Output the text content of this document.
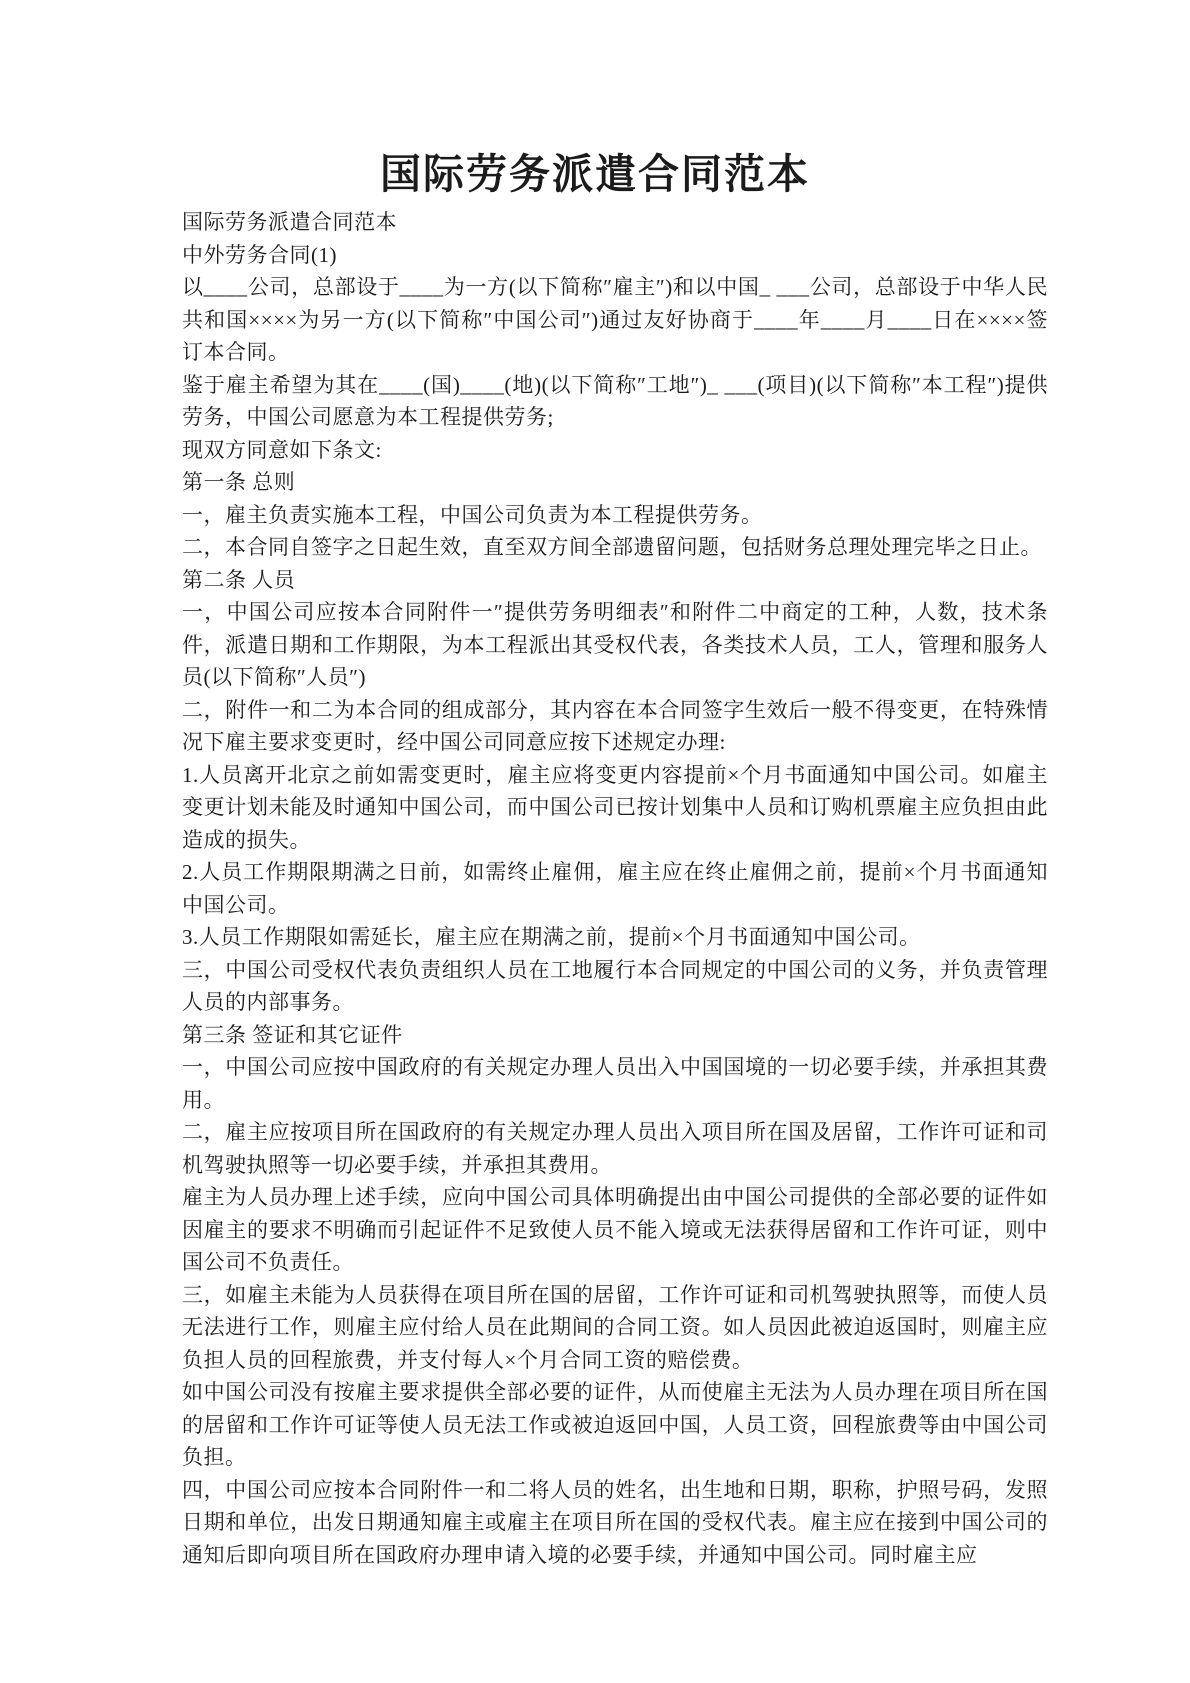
国际劳务派遣合同范本

国际劳务派遣合同范本

中外劳务合同(1)

以____公司，总部设于____为一方(以下简称″雇主″)和以中国_ ___公司，总部设于中华人民共和国××××为另一方(以下简称″中国公司″)通过友好协商于____年____月____日在××××签订本合同。

鉴于雇主希望为其在____(国)____(地)(以下简称″工地″)_ ___(项目)(以下简称″本工程″)提供劳务，中国公司愿意为本工程提供劳务;

现双方同意如下条文:

第一条 总则

一，雇主负责实施本工程，中国公司负责为本工程提供劳务。

二，本合同自签字之日起生效，直至双方间全部遗留问题，包括财务总理处理完毕之日止。

第二条 人员

一，中国公司应按本合同附件一″提供劳务明细表″和附件二中商定的工种，人数，技术条件，派遣日期和工作期限，为本工程派出其受权代表，各类技术人员，工人，管理和服务人员(以下简称″人员″)

二，附件一和二为本合同的组成部分，其内容在本合同签字生效后一般不得变更，在特殊情况下雇主要求变更时，经中国公司同意应按下述规定办理:

1.人员离开北京之前如需变更时，雇主应将变更内容提前×个月书面通知中国公司。如雇主变更计划未能及时通知中国公司，而中国公司已按计划集中人员和订购机票雇主应负担由此造成的损失。

2.人员工作期限期满之日前，如需终止雇佣，雇主应在终止雇佣之前，提前×个月书面通知中国公司。

3.人员工作期限如需延长，雇主应在期满之前，提前×个月书面通知中国公司。

三，中国公司受权代表负责组织人员在工地履行本合同规定的中国公司的义务，并负责管理人员的内部事务。

第三条 签证和其它证件

一，中国公司应按中国政府的有关规定办理人员出入中国国境的一切必要手续，并承担其费用。

二，雇主应按项目所在国政府的有关规定办理人员出入项目所在国及居留，工作许可证和司机驾驶执照等一切必要手续，并承担其费用。

雇主为人员办理上述手续，应向中国公司具体明确提出由中国公司提供的全部必要的证件如因雇主的要求不明确而引起证件不足致使人员不能入境或无法获得居留和工作许可证，则中国公司不负责任。

三，如雇主未能为人员获得在项目所在国的居留，工作许可证和司机驾驶执照等，而使人员无法进行工作，则雇主应付给人员在此期间的合同工资。如人员因此被迫返国时，则雇主应负担人员的回程旅费，并支付每人×个月合同工资的赔偿费。

如中国公司没有按雇主要求提供全部必要的证件，从而使雇主无法为人员办理在项目所在国的居留和工作许可证等使人员无法工作或被迫返回中国，人员工资，回程旅费等由中国公司负担。

四，中国公司应按本合同附件一和二将人员的姓名，出生地和日期，职称，护照号码，发照日期和单位，出发日期通知雇主或雇主在项目所在国的受权代表。雇主应在接到中国公司的通知后即向项目所在国政府办理申请入境的必要手续，并通知中国公司。同时雇主应
